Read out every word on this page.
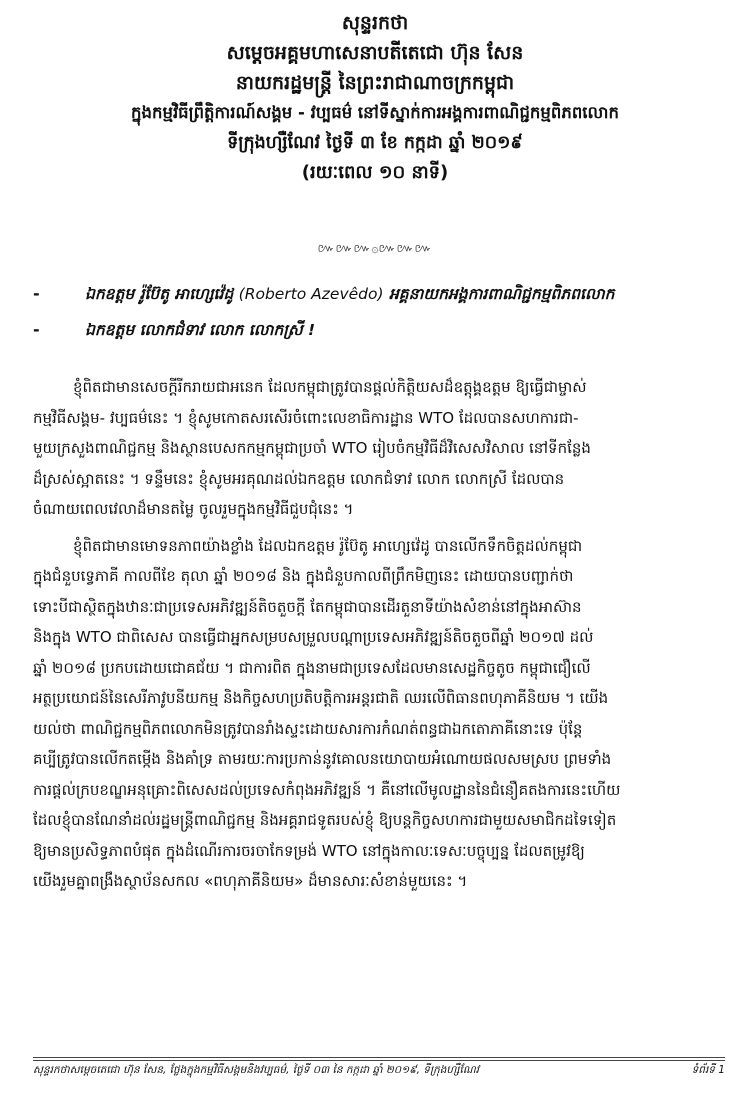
សុន្ទរកថា
សម្តេចអគ្គមហាសេនាបតីតេជោ ហ៊ុន សែន
នាយករដ្ឋមន្ត្រី នៃព្រះរាជាណាចក្រកម្ពុជា
ក្នុងកម្មវិធីព្រឹត្តិការណ៍សង្គម - វប្បធម៌ នៅទីស្នាក់ការអង្គការពាណិជ្ជកម្មពិភពលោក
ទីក្រុងហ្សឺណែវ ថ្ងៃទី ៣ ខែ កក្កដា ឆ្នាំ ២០១៩
(រយៈពេល ១០ នាទី)
៚៚៚۞៚៚៚
-	ឯកឧត្តម រ៉ូប៊ែតូ អាហ្សេវ៉េដូ (Roberto Azevêdo) អគ្គនាយកអង្គការពាណិជ្ជកម្មពិភពលោក
-	ឯកឧត្តម លោកជំទាវ លោក លោកស្រី !

ខ្ញុំពិតជាមានសេចក្តីរីករាយជាអនេក ដែលកម្ពុជាត្រូវបានផ្តល់កិត្តិយសដ៏ឧត្តុង្គឧត្តម ឱ្យធ្វើជាម្ចាស់
កម្មវិធីសង្គម- វប្បធម៌នេះ ។ ខ្ញុំសូមកោតសរសើរចំពោះលេខាធិការដ្ឋាន WTO ដែលបានសហការជា-
មួយក្រសួងពាណិជ្ជកម្ម និងស្ថានបេសកកម្មកម្ពុជាប្រចាំ WTO រៀបចំកម្មវិធីដ៏វិសេសវិសាល នៅទីកន្លែង
ដ៏ស្រស់ស្អាតនេះ ។ ទន្ទឹមនេះ ខ្ញុំសូមអរគុណដល់ឯកឧត្តម លោកជំទាវ លោក លោកស្រី ដែលបាន
ចំណាយពេលវេលាដ៏មានតម្លៃ ចូលរួមក្នុងកម្មវិធីជួបជុំនេះ ។

ខ្ញុំពិតជាមានមោទនភាពយ៉ាងខ្លាំង ដែលឯកឧត្តម រ៉ូប៊ែតូ អាហ្សេវ៉េដូ បានលើកទឹកចិត្តដល់កម្ពុជា
ក្នុងជំនួបទ្វេភាគី កាលពីខែ តុលា ឆ្នាំ ២០១៨ និង ក្នុងជំនួបកាលពីព្រឹកមិញនេះ ដោយបានបញ្ជាក់ថា
ទោះបីជាស្ថិតក្នុងឋានៈជាប្រទេសអភិវឌ្ឍន៍តិចតួចក្តី តែកម្ពុជាបានដើរតួនាទីយ៉ាងសំខាន់នៅក្នុងអាស៊ាន
និងក្នុង WTO ជាពិសេស បានធ្វើជាអ្នកសម្របសម្រួលបណ្តាប្រទេសអភិវឌ្ឍន៍តិចតួចពីឆ្នាំ ២០១៧ ដល់
ឆ្នាំ ២០១៨ ប្រកបដោយជោគជ័យ ។ ជាការពិត ក្នុងនាមជាប្រទេសដែលមានសេដ្ឋកិច្ចតូច កម្ពុជាជឿលើ
អត្ថប្រយោជន៍នៃសេរីភាវូបនីយកម្ម និងកិច្ចសហប្រតិបត្តិការអន្តរជាតិ ឈរលើពិធានពហុភាគីនិយម ។ យើង
យល់ថា ពាណិជ្ជកម្មពិភពលោកមិនត្រូវបានរាំងស្ទះដោយសារការកំណត់ពន្ធជាឯកតោភាគីនោះទេ ប៉ុន្តែ
គប្បីត្រូវបានលើកតម្កើង និងគាំទ្រ តាមរយៈការប្រកាន់នូវគោលនយោបាយអំណោយផលសមស្រប ព្រមទាំង
ការផ្តល់ក្របខណ្ឌអនុគ្រោះពិសេសដល់ប្រទេសកំពុងអភិវឌ្ឍន៍ ។ គឺនៅលើមូលដ្ឋាននៃជំនឿគតងការនេះហើយ
ដែលខ្ញុំបានណែនាំដល់រដ្ឋមន្ត្រីពាណិជ្ជកម្ម និងអគ្គរាជទូតរបស់ខ្ញុំ ឱ្យបន្តកិច្ចសហការជាមួយសមាជិកដទៃទៀត
ឱ្យមានប្រសិទ្ធភាពបំផុត ក្នុងដំណើរការចរចាកែទម្រង់ WTO នៅក្នុងកាលៈទេសៈបច្ចុប្បន្ន ដែលតម្រូវឱ្យ
យើងរួមគ្នាពង្រឹងស្ថាប័នសកល «ពហុភាគីនិយម» ដ៏មានសារៈសំខាន់មួយនេះ ។

សុន្ទរកថាសម្តេចតេជោ ហ៊ុន សែន, ថ្លែងក្នុងកម្មវិធីសង្គមនិងវប្បធម៌, ថ្ងៃទី ០៣ នៃ កក្កដា ឆ្នាំ ២០១៩, ទីក្រុងហ្សឺណែវ	ទំព័រទី 1
